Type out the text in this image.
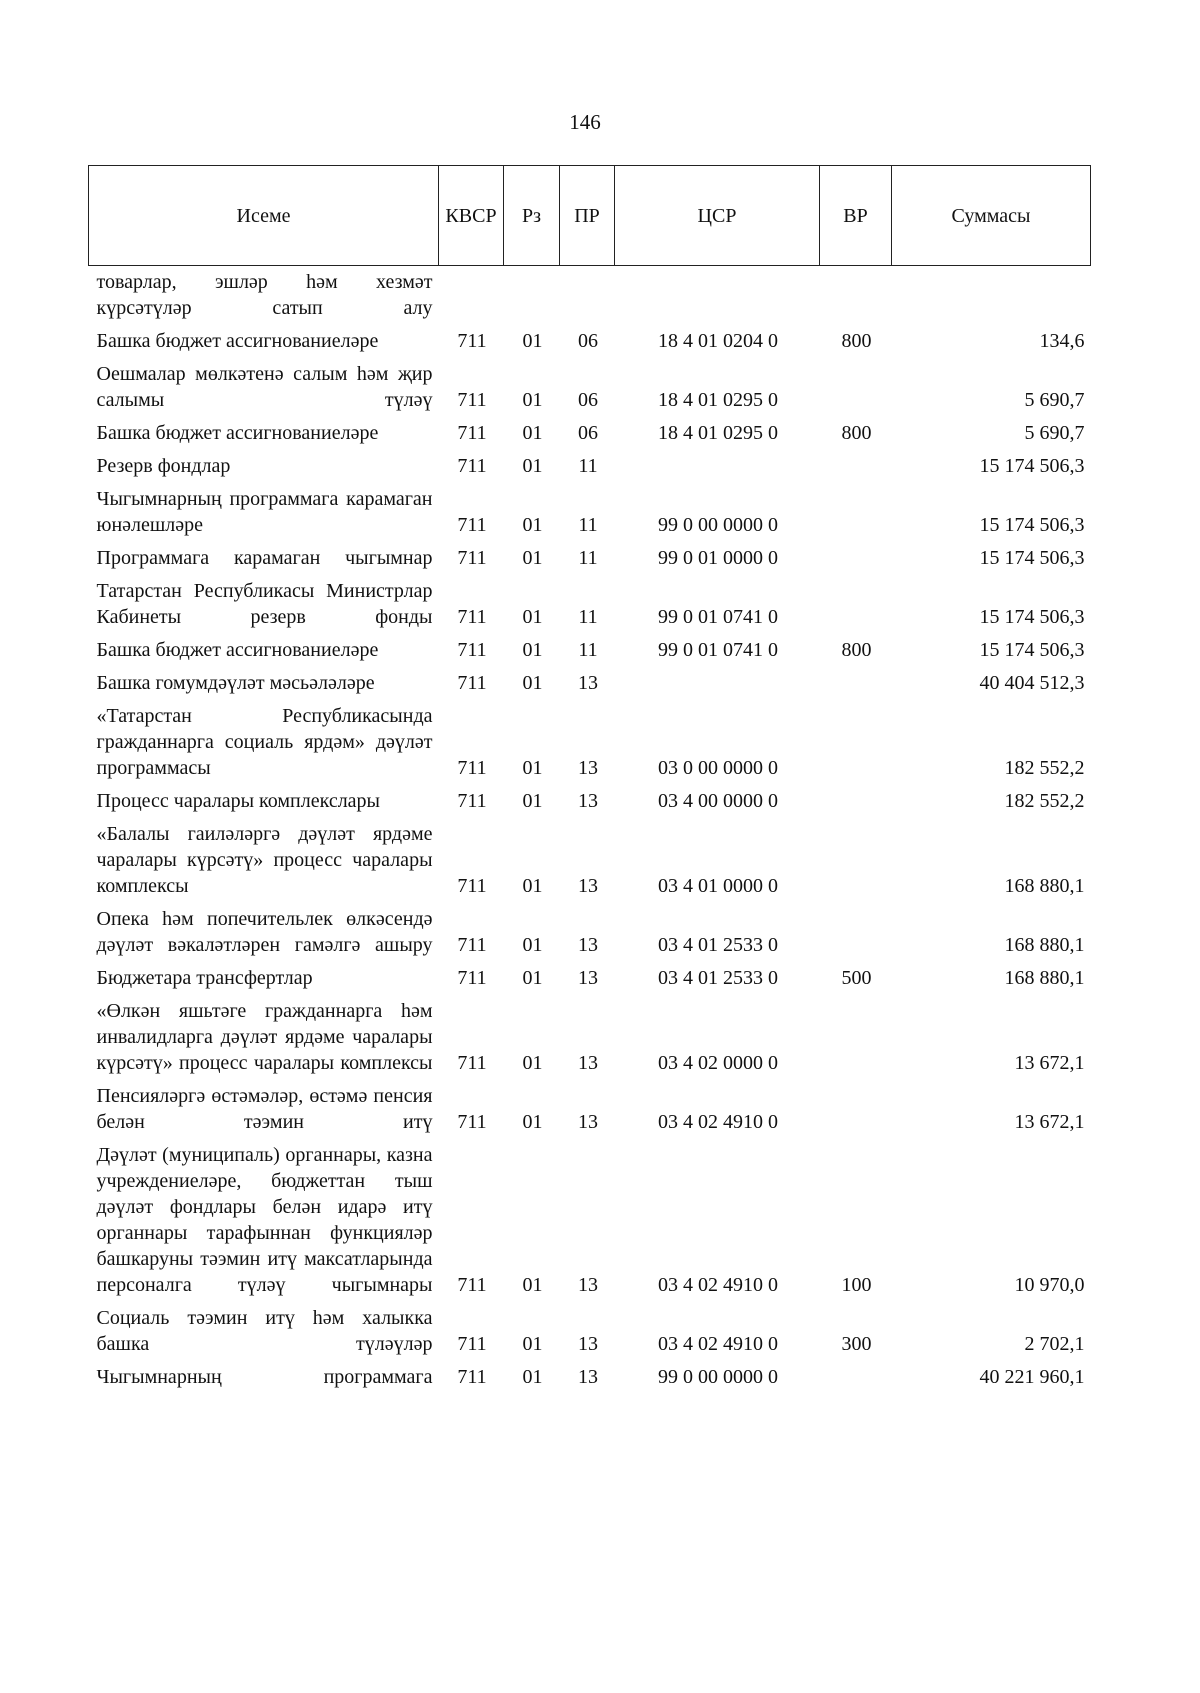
146
Исеме	КВСР	Рз	ПР	ЦСР	ВР	Суммасы
товарлар, эшләр һәм хезмәт күрсәтүләр сатып алу						
Башка бюджет ассигнованиеләре	711	01	06	18 4 01 0204 0	800	134,6
Оешмалар мөлкәтенә салым һәм җир салымы түләү	711	01	06	18 4 01 0295 0		5 690,7
Башка бюджет ассигнованиеләре	711	01	06	18 4 01 0295 0	800	5 690,7
Резерв фондлар	711	01	11			15 174 506,3
Чыгымнарның программага карамаган юнәлешләре	711	01	11	99 0 00 0000 0		15 174 506,3
Программага карамаган чыгымнар	711	01	11	99 0 01 0000 0		15 174 506,3
Татарстан Республикасы Министрлар Кабинеты резерв фонды	711	01	11	99 0 01 0741 0		15 174 506,3
Башка бюджет ассигнованиеләре	711	01	11	99 0 01 0741 0	800	15 174 506,3
Башка гомумдәүләт мәсьәләләре	711	01	13			40 404 512,3
«Татарстан Республикасында гражданнарга социаль ярдәм» дәүләт программасы	711	01	13	03 0 00 0000 0		182 552,2
Процесс чаралары комплекслары	711	01	13	03 4 00 0000 0		182 552,2
«Балалы гаиләләргә дәүләт ярдәме чаралары күрсәтү» процесс чаралары комплексы	711	01	13	03 4 01 0000 0		168 880,1
Опека һәм попечительлек өлкәсендә дәүләт вәкаләтләрен гамәлгә ашыру	711	01	13	03 4 01 2533 0		168 880,1
Бюджетара трансфертлар	711	01	13	03 4 01 2533 0	500	168 880,1
«Өлкән яшьтәге гражданнарга һәм инвалидларга дәүләт ярдәме чаралары күрсәтү» процесс чаралары комплексы	711	01	13	03 4 02 0000 0		13 672,1
Пенсияләргә өстәмәләр, өстәмә пенсия белән тәэмин итү	711	01	13	03 4 02 4910 0		13 672,1
Дәүләт (муниципаль) органнары, казна учреждениеләре, бюджеттан тыш дәүләт фондлары белән идарә итү органнары тарафыннан функцияләр башкаруны тәэмин итү максатларында персоналга түләү чыгымнары	711	01	13	03 4 02 4910 0	100	10 970,0
Социаль тәэмин итү һәм халыкка башка түләүләр	711	01	13	03 4 02 4910 0	300	2 702,1
Чыгымнарның программага	711	01	13	99 0 00 0000 0		40 221 960,1
